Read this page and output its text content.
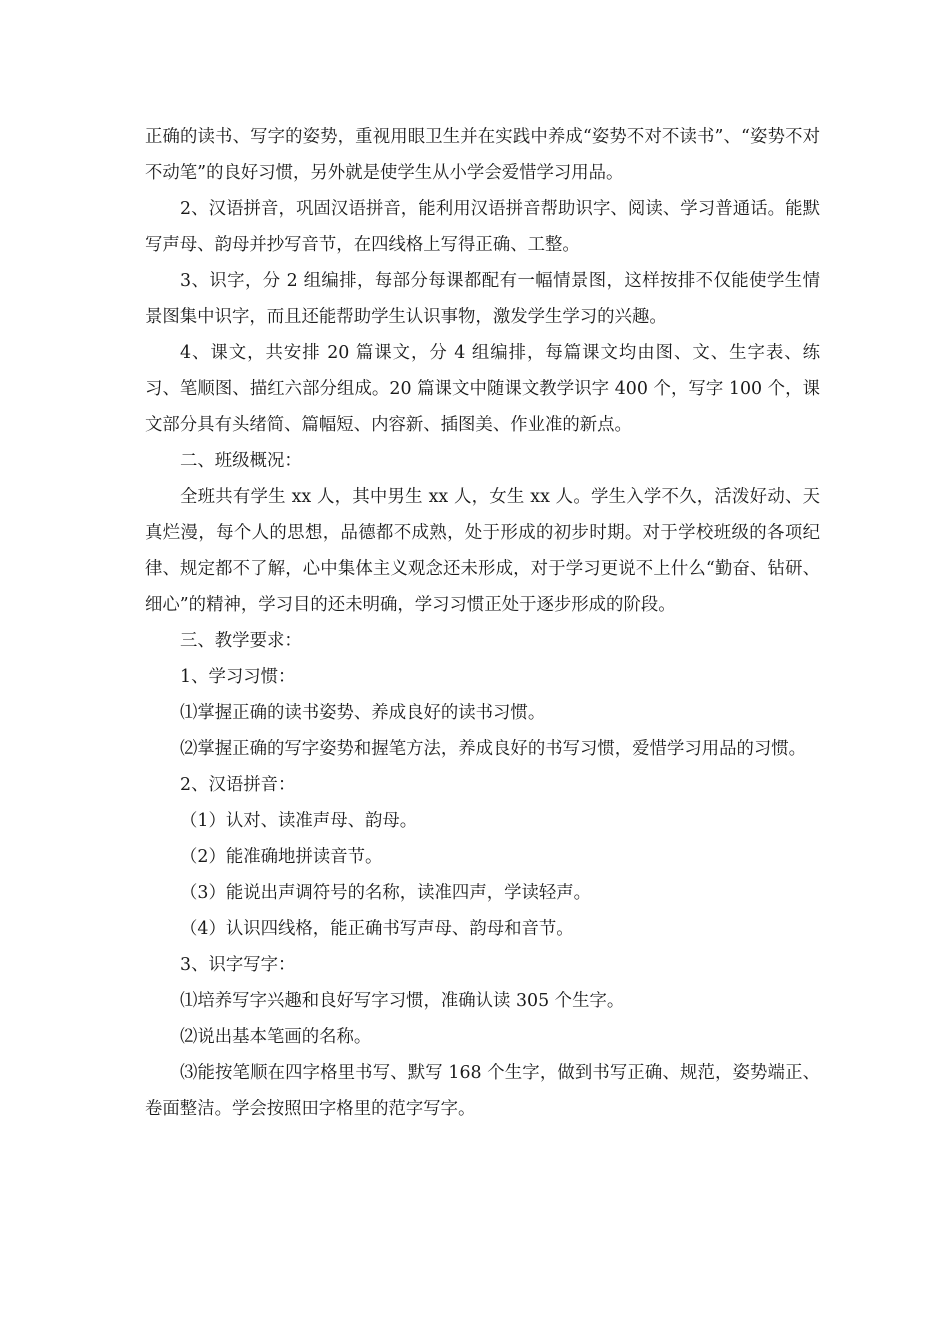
正确的读书、写字的姿势，重视用眼卫生并在实践中养成“姿势不对不读书”、“姿势不对不动笔”的良好习惯，另外就是使学生从小学会爱惜学习用品。

2、汉语拼音，巩固汉语拼音，能利用汉语拼音帮助识字、阅读、学习普通话。能默写声母、韵母并抄写音节，在四线格上写得正确、工整。

3、识字，分 2 组编排，每部分每课都配有一幅情景图，这样按排不仅能使学生情景图集中识字，而且还能帮助学生认识事物，激发学生学习的兴趣。

4、课文，共安排 20 篇课文，分 4 组编排，每篇课文均由图、文、生字表、练习、笔顺图、描红六部分组成。20 篇课文中随课文教学识字 400 个，写字 100 个，课文部分具有头绪简、篇幅短、内容新、插图美、作业准的新点。

二、班级概况：

全班共有学生 xx 人，其中男生 xx 人，女生 xx 人。学生入学不久，活泼好动、天真烂漫，每个人的思想，品德都不成熟，处于形成的初步时期。对于学校班级的各项纪律、规定都不了解，心中集体主义观念还未形成，对于学习更说不上什么“勤奋、钻研、细心”的精神，学习目的还未明确，学习习惯正处于逐步形成的阶段。

三、教学要求：

1、学习习惯：

⑴掌握正确的读书姿势、养成良好的读书习惯。

⑵掌握正确的写字姿势和握笔方法，养成良好的书写习惯，爱惜学习用品的习惯。

2、汉语拼音：

（1）认对、读准声母、韵母。

（2）能准确地拼读音节。

（3）能说出声调符号的名称，读准四声，学读轻声。

（4）认识四线格，能正确书写声母、韵母和音节。

3、识字写字：

⑴培养写字兴趣和良好写字习惯，准确认读 305 个生字。

⑵说出基本笔画的名称。

⑶能按笔顺在四字格里书写、默写 168 个生字，做到书写正确、规范，姿势端正、卷面整洁。学会按照田字格里的范字写字。
